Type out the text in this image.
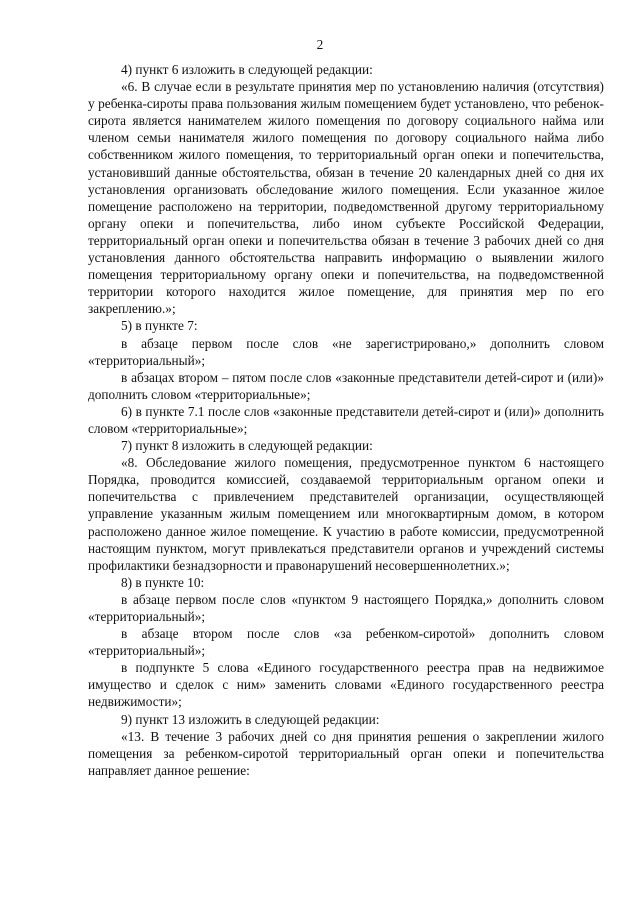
2

4) пункт 6 изложить в следующей редакции:

«6. В случае если в результате принятия мер по установлению наличия (отсутствия) у ребенка-сироты права пользования жилым помещением будет установлено, что ребенок-сирота является нанимателем жилого помещения по договору социального найма или членом семьи нанимателя жилого помещения по договору социального найма либо собственником жилого помещения, то территориальный орган опеки и попечительства, установивший данные обстоятельства, обязан в течение 20 календарных дней со дня их установления организовать обследование жилого помещения. Если указанное жилое помещение расположено на территории, подведомственной другому территориальному органу опеки и попечительства, либо ином субъекте Российской Федерации, территориальный орган опеки и попечительства обязан в течение 3 рабочих дней со дня установления данного обстоятельства направить информацию о выявлении жилого помещения территориальному органу опеки и попечительства, на подведомственной территории которого находится жилое помещение, для принятия мер по его закреплению.»;

5) в пункте 7:

в абзаце первом после слов «не зарегистрировано,» дополнить словом «территориальный»;

в абзацах втором – пятом после слов «законные представители детей-сирот и (или)» дополнить словом «территориальные»;

6) в пункте 7.1 после слов «законные представители детей-сирот и (или)» дополнить словом «территориальные»;

7) пункт 8 изложить в следующей редакции:

«8. Обследование жилого помещения, предусмотренное пунктом 6 настоящего Порядка, проводится комиссией, создаваемой территориальным органом опеки и попечительства с привлечением представителей организации, осуществляющей управление указанным жилым помещением или многоквартирным домом, в котором расположено данное жилое помещение. К участию в работе комиссии, предусмотренной настоящим пунктом, могут привлекаться представители органов и учреждений системы профилактики безнадзорности и правонарушений несовершеннолетних.»;

8) в пункте 10:

в абзаце первом после слов «пунктом 9 настоящего Порядка,» дополнить словом «территориальный»;

в абзаце втором после слов «за ребенком-сиротой» дополнить словом «территориальный»;

в подпункте 5 слова «Единого государственного реестра прав на недвижимое имущество и сделок с ним» заменить словами «Единого государственного реестра недвижимости»;

9) пункт 13 изложить в следующей редакции:

«13. В течение 3 рабочих дней со дня принятия решения о закреплении жилого помещения за ребенком-сиротой территориальный орган опеки и попечительства направляет данное решение:
